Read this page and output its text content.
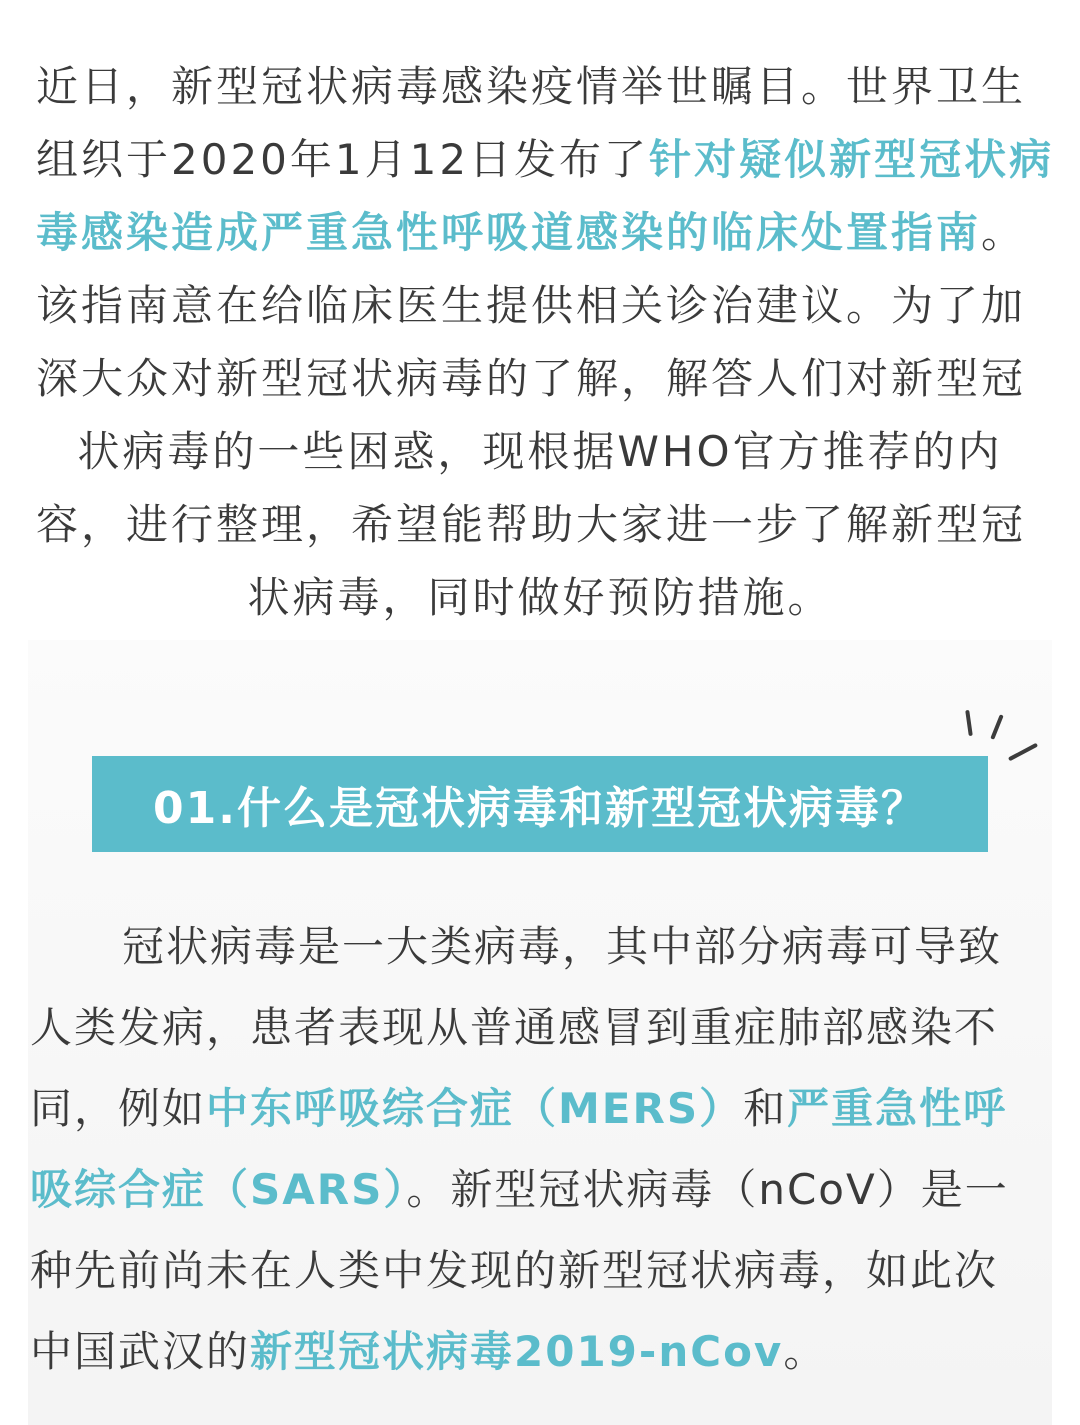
近日，新型冠状病毒感染疫情举世瞩目。世界卫生
组织于2020年1月12日发布了针对疑似新型冠状病
毒感染造成严重急性呼吸道感染的临床处置指南。
该指南意在给临床医生提供相关诊治建议。为了加
深大众对新型冠状病毒的了解，解答人们对新型冠
状病毒的一些困惑，现根据WHO官方推荐的内
容，进行整理，希望能帮助大家进一步了解新型冠
状病毒，同时做好预防措施。
01.什么是冠状病毒和新型冠状病毒？
冠状病毒是一大类病毒，其中部分病毒可导致
人类发病，患者表现从普通感冒到重症肺部感染不
同，例如中东呼吸综合症（MERS）和严重急性呼
吸综合症（SARS）。新型冠状病毒（nCoV）是一
种先前尚未在人类中发现的新型冠状病毒，如此次
中国武汉的新型冠状病毒2019-nCov。
